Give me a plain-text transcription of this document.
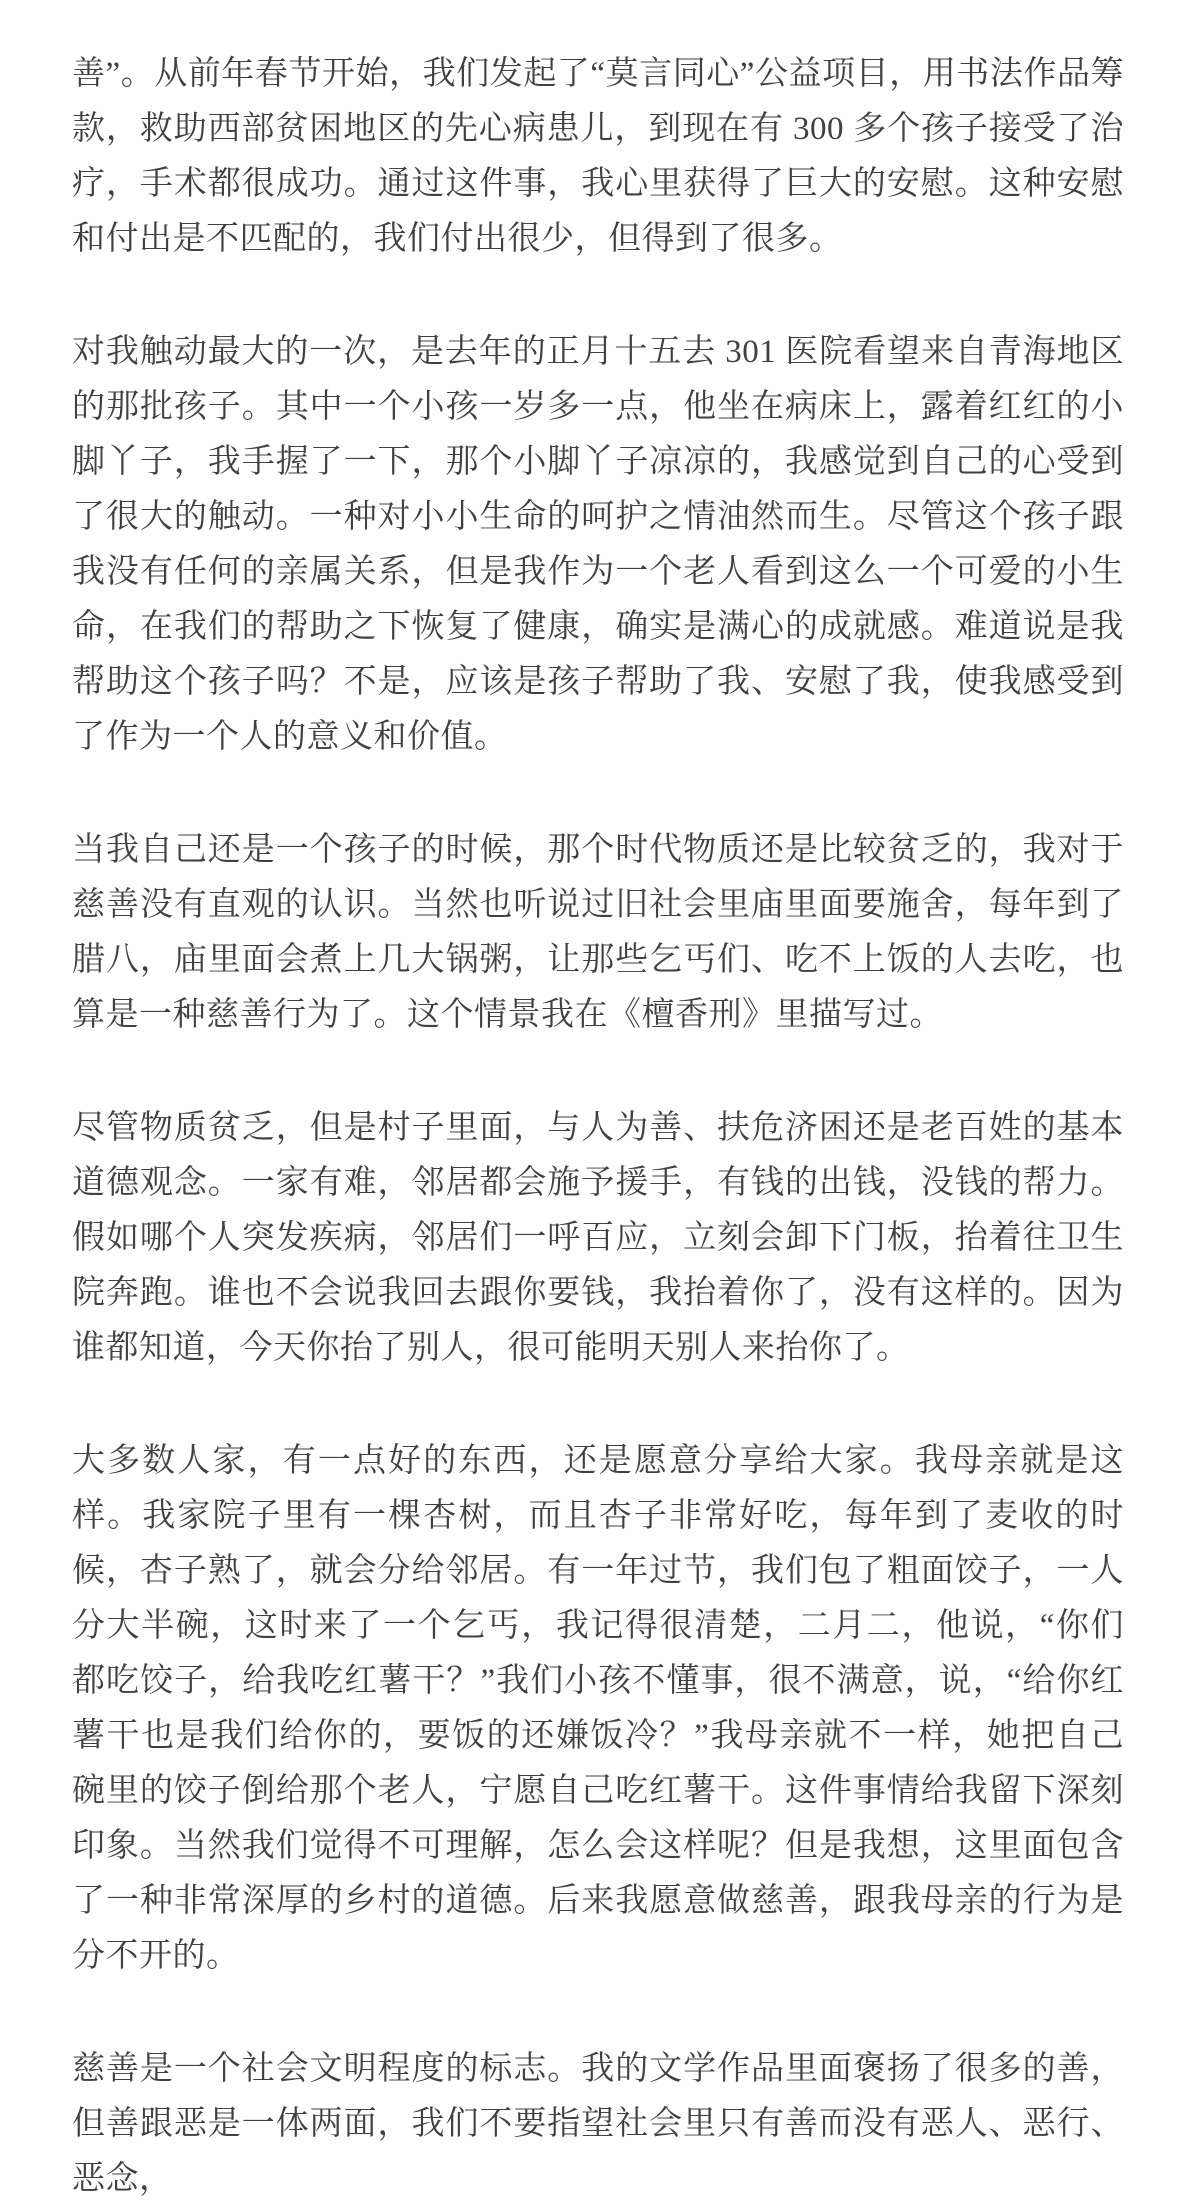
善”。从前年春节开始，我们发起了“莫言同心”公益项目，用书法作品筹款，救助西部贫困地区的先心病患儿，到现在有 300 多个孩子接受了治疗，手术都很成功。通过这件事，我心里获得了巨大的安慰。这种安慰和付出是不匹配的，我们付出很少，但得到了很多。

对我触动最大的一次，是去年的正月十五去 301 医院看望来自青海地区的那批孩子。其中一个小孩一岁多一点，他坐在病床上，露着红红的小脚丫子，我手握了一下，那个小脚丫子凉凉的，我感觉到自己的心受到了很大的触动。一种对小小生命的呵护之情油然而生。尽管这个孩子跟我没有任何的亲属关系，但是我作为一个老人看到这么一个可爱的小生命，在我们的帮助之下恢复了健康，确实是满心的成就感。难道说是我帮助这个孩子吗？不是，应该是孩子帮助了我、安慰了我，使我感受到了作为一个人的意义和价值。

当我自己还是一个孩子的时候，那个时代物质还是比较贫乏的，我对于慈善没有直观的认识。当然也听说过旧社会里庙里面要施舍，每年到了腊八，庙里面会煮上几大锅粥，让那些乞丐们、吃不上饭的人去吃，也算是一种慈善行为了。这个情景我在《檀香刑》里描写过。

尽管物质贫乏，但是村子里面，与人为善、扶危济困还是老百姓的基本道德观念。一家有难，邻居都会施予援手，有钱的出钱，没钱的帮力。假如哪个人突发疾病，邻居们一呼百应，立刻会卸下门板，抬着往卫生院奔跑。谁也不会说我回去跟你要钱，我抬着你了，没有这样的。因为谁都知道，今天你抬了别人，很可能明天别人来抬你了。

大多数人家，有一点好的东西，还是愿意分享给大家。我母亲就是这样。我家院子里有一棵杏树，而且杏子非常好吃，每年到了麦收的时候，杏子熟了，就会分给邻居。有一年过节，我们包了粗面饺子，一人分大半碗，这时来了一个乞丐，我记得很清楚，二月二，他说，“你们都吃饺子，给我吃红薯干？”我们小孩不懂事，很不满意，说，“给你红薯干也是我们给你的，要饭的还嫌饭冷？”我母亲就不一样，她把自己碗里的饺子倒给那个老人，宁愿自己吃红薯干。这件事情给我留下深刻印象。当然我们觉得不可理解，怎么会这样呢？但是我想，这里面包含了一种非常深厚的乡村的道德。后来我愿意做慈善，跟我母亲的行为是分不开的。

慈善是一个社会文明程度的标志。我的文学作品里面褒扬了很多的善，但善跟恶是一体两面，我们不要指望社会里只有善而没有恶人、恶行、恶念，
